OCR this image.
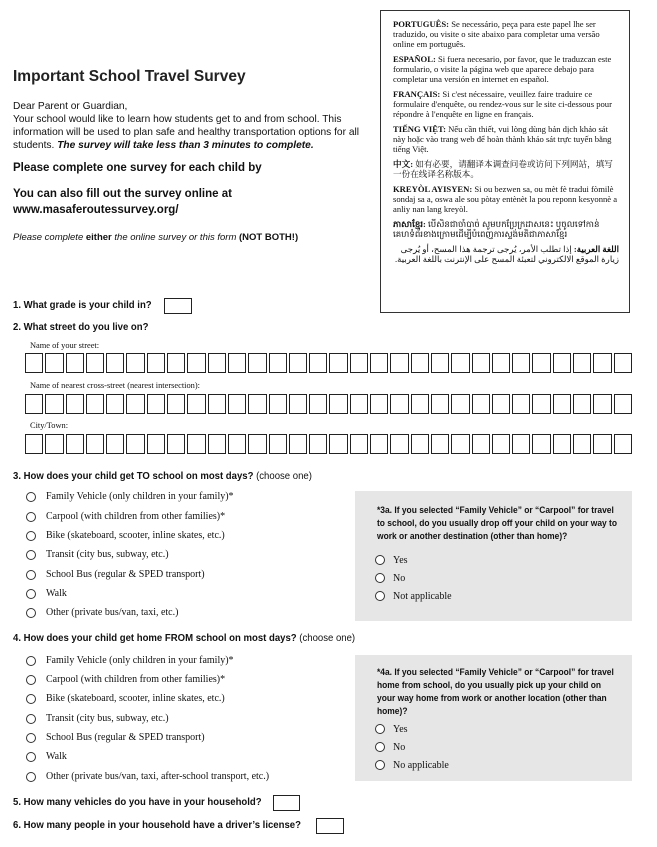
PORTUGUÊS: Se necessário, peça para este papel lhe ser traduzido, ou visite o site abaixo para completar uma versão online em português.
ESPAÑOL: Si fuera necesario, por favor, que le traduzcan este formulario, o visite la página web que aparece debajo para completar una versión en internet en español.
FRANÇAIS: Si c'est nécessaire, veuillez faire traduire ce formulaire d'enquête, ou rendez-vous sur le site ci-dessous pour répondre à l'enquête en ligne en français.
TIẾNG VIỆT: Nếu cần thiết, vui lòng dùng bản dịch khảo sát này hoặc vào trang web để hoàn thành khảo sát trực tuyến bằng tiếng Việt.
中文: 如有必要，请翻译本调查问卷或访问下列网站，填写一份在线译名称版本。
KREYÒL AYISYEN: Si ou bezwen sa, ou mèt fè tradui fòmilè sondaj sa a, oswa ale sou pòtay entènèt la pou reponn kesyonnè a anliy nan lang kreyòl.
ភាសាខ្មែរ: បើសិនជាចាំបាច់ សូមបកប្រែក្រដាសនេះ ឬចូលទៅកាន់គេហទំព័រខាងក្រោមដើម្បីបំពេញការស្ទង់មតិជាភាសាខ្មែរ
اللغة العربية: إذا تطلب الأمر، يُرجى ترجمة هذا المسح، أو يُرجى زيارة الموقع الالكتروني لتعبئة المسح على الإنترنت باللغة العربية.
Important School Travel Survey
Dear Parent or Guardian,
Your school would like to learn how students get to and from school. This information will be used to plan safe and healthy transportation options for all students. The survey will take less than 3 minutes to complete.
Please complete one survey for each child by
You can also fill out the survey online at
www.masaferoutessurvey.org/
Please complete either the online survey or this form (NOT BOTH!)
1. What grade is your child in?
2. What street do you live on?
Name of your street:
Name of nearest cross-street (nearest intersection):
City/Town:
3. How does your child get TO school on most days? (choose one)
Family Vehicle (only children in your family)*
Carpool (with children from other families)*
Bike (skateboard, scooter, inline skates, etc.)
Transit (city bus, subway, etc.)
School Bus (regular & SPED transport)
Walk
Other (private bus/van, taxi, etc.)
*3a. If you selected “Family Vehicle” or “Carpool” for travel to school, do you usually drop off your child on your way to work or another destination (other than home)?
Yes
No
Not applicable
4. How does your child get home FROM school on most days? (choose one)
Family Vehicle (only children in your family)*
Carpool (with children from other families)*
Bike (skateboard, scooter, inline skates, etc.)
Transit (city bus, subway, etc.)
School Bus (regular & SPED transport)
Walk
Other (private bus/van, taxi, after-school transport, etc.)
*4a. If you selected “Family Vehicle” or “Carpool” for travel home from school, do you usually pick up your child on your way home from work or another location (other than home)?
Yes
No
No applicable
5. How many vehicles do you have in your household?
6. How many people in your household have a driver’s license?
